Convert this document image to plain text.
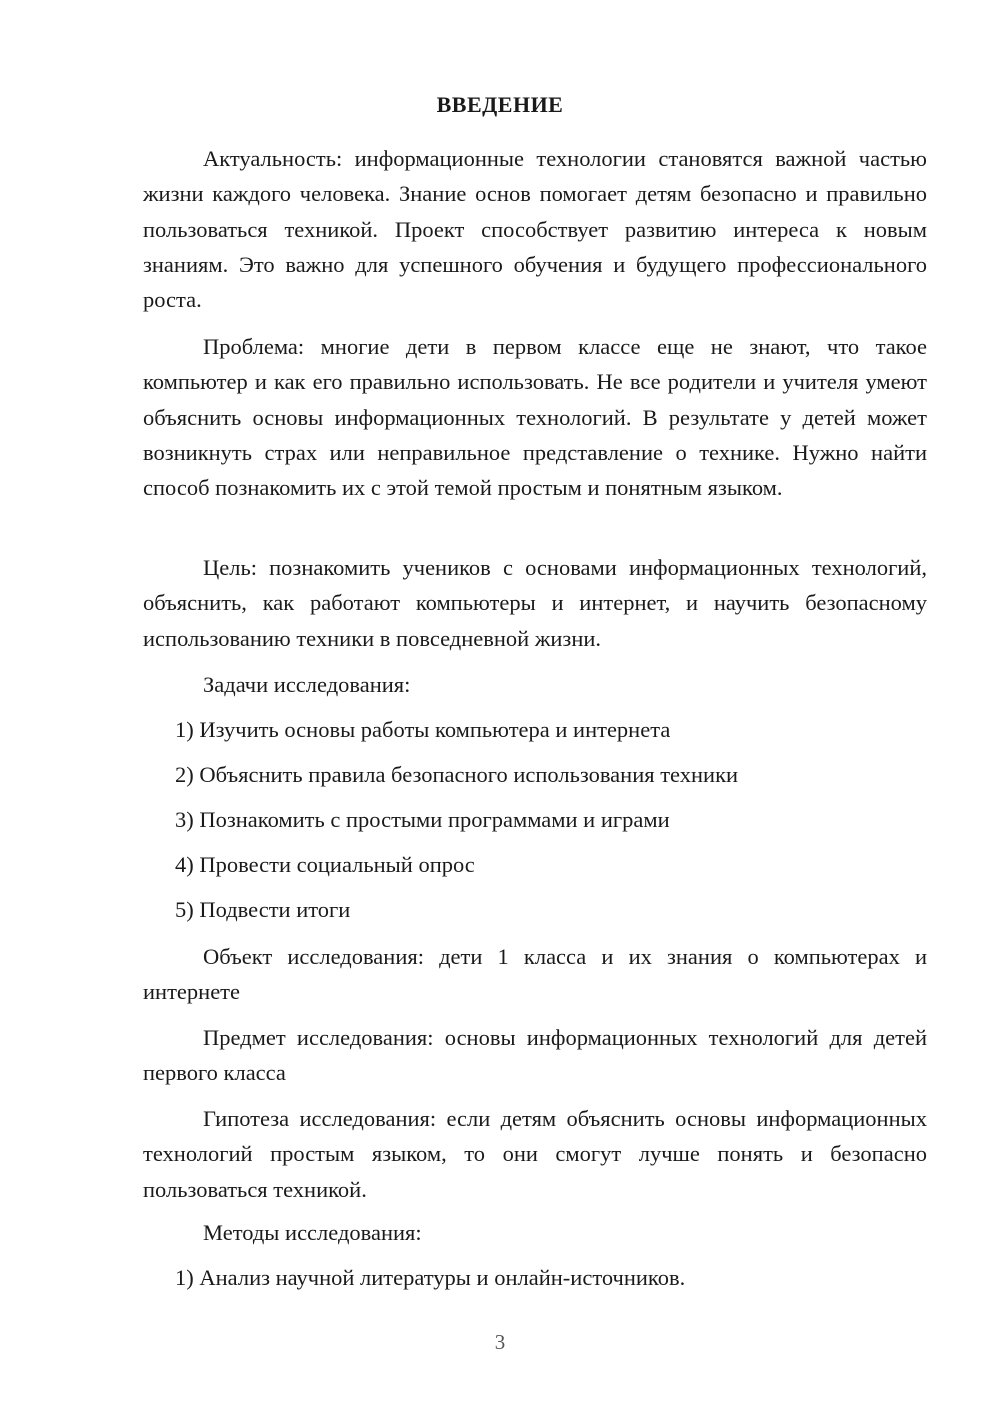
ВВЕДЕНИЕ
Актуальность: информационные технологии становятся важной частью жизни каждого человека. Знание основ помогает детям безопасно и правильно пользоваться техникой. Проект способствует развитию интереса к новым знаниям. Это важно для успешного обучения и будущего профессионального роста.
Проблема: многие дети в первом классе еще не знают, что такое компьютер и как его правильно использовать. Не все родители и учителя умеют объяснить основы информационных технологий. В результате у детей может возникнуть страх или неправильное представление о технике. Нужно найти способ познакомить их с этой темой простым и понятным языком.
Цель: познакомить учеников с основами информационных технологий, объяснить, как работают компьютеры и интернет, и научить безопасному использованию техники в повседневной жизни.
Задачи исследования:
1) Изучить основы работы компьютера и интернета
2) Объяснить правила безопасного использования техники
3) Познакомить с простыми программами и играми
4) Провести социальный опрос
5) Подвести итоги
Объект исследования: дети 1 класса и их знания о компьютерах и интернете
Предмет исследования: основы информационных технологий для детей первого класса
Гипотеза исследования: если детям объяснить основы информационных технологий простым языком, то они смогут лучше понять и безопасно пользоваться техникой.
Методы исследования:
1) Анализ научной литературы и онлайн-источников.
3
